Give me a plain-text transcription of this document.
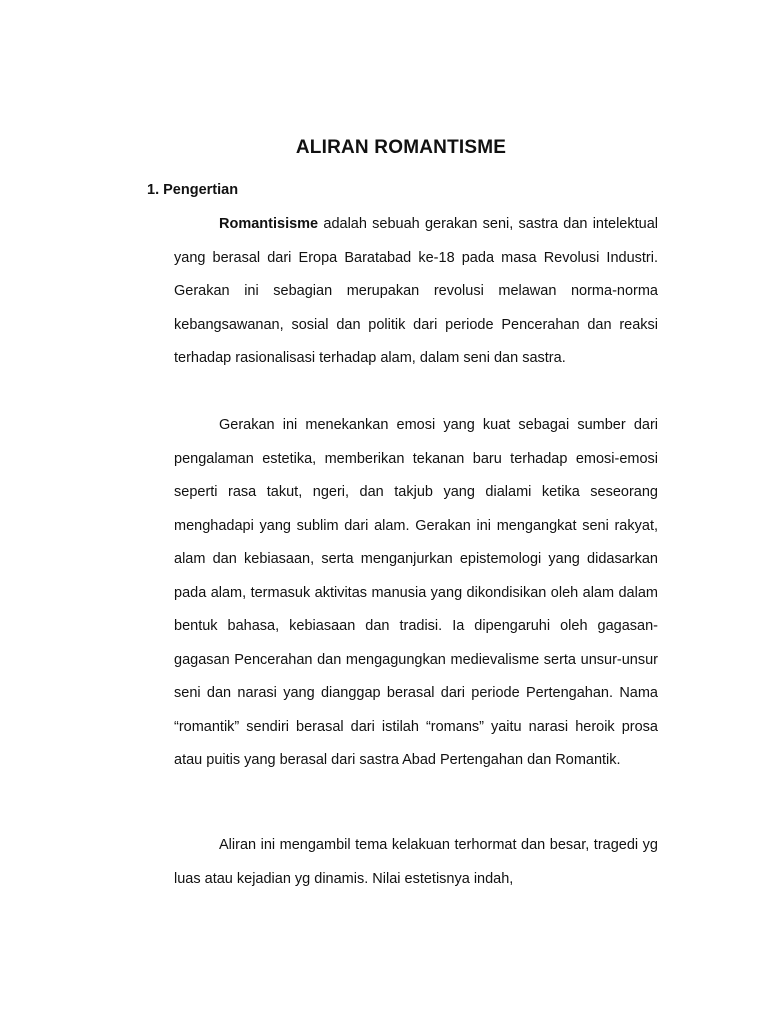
ALIRAN ROMANTISME
1. Pengertian

Romantisisme adalah sebuah gerakan seni, sastra dan intelektual yang berasal dari Eropa Baratabad ke-18 pada masa Revolusi Industri. Gerakan ini sebagian merupakan revolusi melawan norma-norma kebangsawanan, sosial dan politik dari periode Pencerahan dan reaksi terhadap rasionalisasi terhadap alam, dalam seni dan sastra.

Gerakan ini menekankan emosi yang kuat sebagai sumber dari pengalaman estetika, memberikan tekanan baru terhadap emosi-emosi seperti rasa takut, ngeri, dan takjub yang dialami ketika seseorang menghadapi yang sublim dari alam. Gerakan ini mengangkat seni rakyat, alam dan kebiasaan, serta menganjurkan epistemologi yang didasarkan pada alam, termasuk aktivitas manusia yang dikondisikan oleh alam dalam bentuk bahasa, kebiasaan dan tradisi. Ia dipengaruhi oleh gagasan-gagasan Pencerahan dan mengagungkan medievalisme serta unsur-unsur seni dan narasi yang dianggap berasal dari periode Pertengahan. Nama “romantik” sendiri berasal dari istilah “romans” yaitu narasi heroik prosa atau puitis yang berasal dari sastra Abad Pertengahan dan Romantik.

Aliran ini mengambil tema kelakuan terhormat dan besar, tragedi yg luas atau kejadian yg dinamis. Nilai estetisnya indah,
